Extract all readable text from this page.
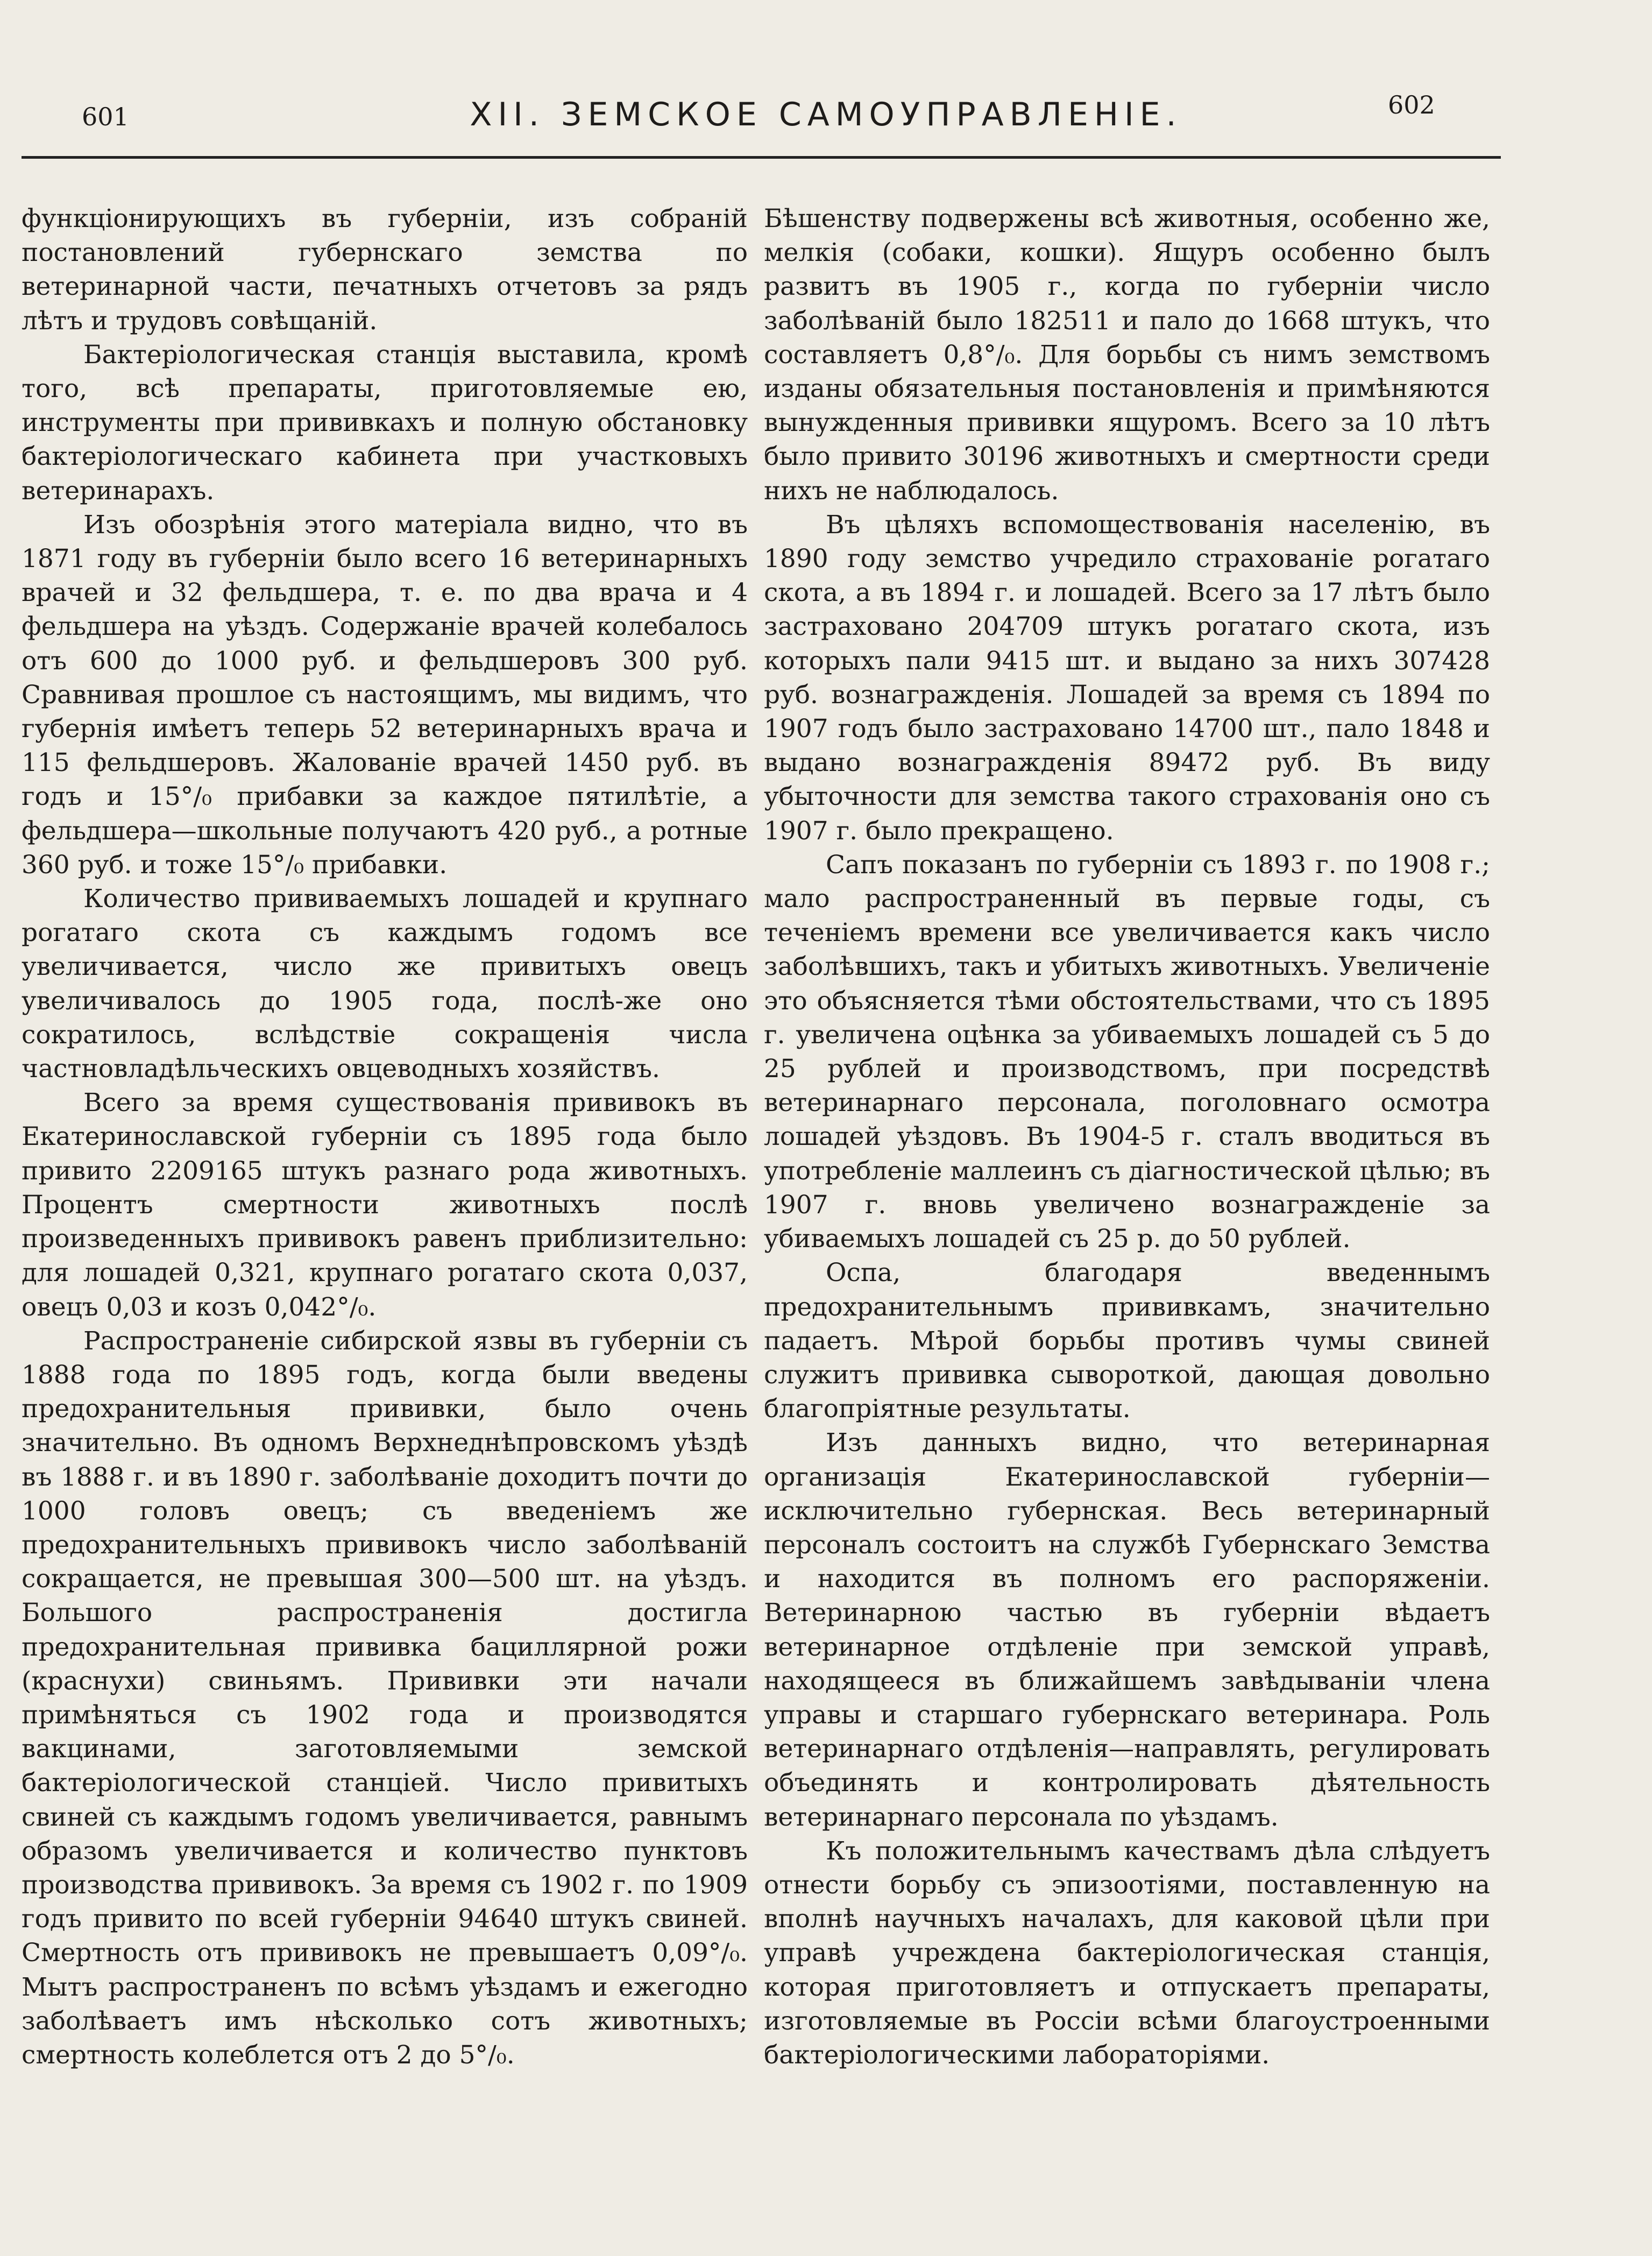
601	XII. ЗЕМСКОЕ САМОУПРАВЛЕНІЕ.	602

функціонирующихъ въ губерніи, изъ собраній постановлений губернскаго земства по ветеринарной части, печатныхъ отчетовъ за рядъ лѣтъ и трудовъ совѣщаній.

Бактеріологическая станція выставила, кромѣ того, всѣ препараты, приготовляемые ею, инструменты при прививкахъ и полную обстановку бактеріологическаго кабинета при участковыхъ ветеринарахъ.

Изъ обозрѣнія этого матеріала видно, что въ 1871 году въ губерніи было всего 16 ветеринарныхъ врачей и 32 фельдшера, т. е. по два врача и 4 фельдшера на уѣздъ. Содержаніе врачей колебалось отъ 600 до 1000 руб. и фельдшеровъ 300 руб. Сравнивая прошлое съ настоящимъ, мы видимъ, что губернія имѣетъ теперь 52 ветеринарныхъ врача и 115 фельдшеровъ. Жалованіе врачей 1450 руб. въ годъ и 15°/₀ прибавки за каждое пятилѣтіе, а фельдшера—школьные получаютъ 420 руб., а ротные 360 руб. и тоже 15°/₀ прибавки.

Количество прививаемыхъ лошадей и крупнаго рогатаго скота съ каждымъ годомъ все увеличивается, число же привитыхъ овецъ увеличивалось до 1905 года, послѣ-же оно сократилось, вслѣдствіе сокращенія числа частновладѣльческихъ овцеводныхъ хозяйствъ.

Всего за время существованія прививокъ въ Екатеринославской губерніи съ 1895 года было привито 2209165 штукъ разнаго рода животныхъ. Процентъ смертности животныхъ послѣ произведенныхъ прививокъ равенъ приблизительно: для лошадей 0,321, крупнаго рогатаго скота 0,037, овецъ 0,03 и козъ 0,042°/₀.

Распространеніе сибирской язвы въ губерніи съ 1888 года по 1895 годъ, когда были введены предохранительныя прививки, было очень значительно. Въ одномъ Верхнеднѣпровскомъ уѣздѣ въ 1888 г. и въ 1890 г. заболѣваніе доходитъ почти до 1000 головъ овецъ; съ введеніемъ же предохранительныхъ прививокъ число заболѣваній сокращается, не превышая 300—500 шт. на уѣздъ. Большого распространенія достигла предохранительная прививка бациллярной рожи (краснухи) свиньямъ. Прививки эти начали примѣняться съ 1902 года и производятся вакцинами, заготовляемыми земской бактеріологической станціей. Число привитыхъ свиней съ каждымъ годомъ увеличивается, равнымъ образомъ увеличивается и количество пунктовъ производства прививокъ. За время съ 1902 г. по 1909 годъ привито по всей губерніи 94640 штукъ свиней. Смертность отъ прививокъ не превышаетъ 0,09°/₀. Мытъ распространенъ по всѣмъ уѣздамъ и ежегодно заболѣваетъ имъ нѣсколько сотъ животныхъ; смертность колеблется отъ 2 до 5°/₀.

Бѣшенству подвержены всѣ животныя, особенно же, мелкія (собаки, кошки). Ящуръ особенно былъ развитъ въ 1905 г., когда по губерніи число заболѣваній было 182511 и пало до 1668 штукъ, что составляетъ 0,8°/₀. Для борьбы съ нимъ земствомъ изданы обязательныя постановленія и примѣняются вынужденныя прививки ящуромъ. Всего за 10 лѣтъ было привито 30196 животныхъ и смертности среди нихъ не наблюдалось.

Въ цѣляхъ вспомоществованія населенію, въ 1890 году земство учредило страхованіе рогатаго скота, а въ 1894 г. и лошадей. Всего за 17 лѣтъ было застраховано 204709 штукъ рогатаго скота, изъ которыхъ пали 9415 шт. и выдано за нихъ 307428 руб. вознагражденія. Лошадей за время съ 1894 по 1907 годъ было застраховано 14700 шт., пало 1848 и выдано вознагражденія 89472 руб. Въ виду убыточности для земства такого страхованія оно съ 1907 г. было прекращено.

Сапъ показанъ по губерніи съ 1893 г. по 1908 г.; мало распространенный въ первые годы, съ теченіемъ времени все увеличивается какъ число заболѣвшихъ, такъ и убитыхъ животныхъ. Увеличеніе это объясняется тѣми обстоятельствами, что съ 1895 г. увеличена оцѣнка за убиваемыхъ лошадей съ 5 до 25 рублей и производствомъ, при посредствѣ ветеринарнаго персонала, поголовнаго осмотра лошадей уѣздовъ. Въ 1904-5 г. сталъ вводиться въ употребленіе маллеинъ съ діагностической цѣлью; въ 1907 г. вновь увеличено вознагражденіе за убиваемыхъ лошадей съ 25 р. до 50 рублей.

Оспа, благодаря введеннымъ предохранительнымъ прививкамъ, значительно падаетъ. Мѣрой борьбы противъ чумы свиней служитъ прививка сывороткой, дающая довольно благопріятные результаты.

Изъ данныхъ видно, что ветеринарная организація Екатеринославской губерніи—исключительно губернская. Весь ветеринарный персоналъ состоитъ на службѣ Губернскаго Земства и находится въ полномъ его распоряженіи. Ветеринарною частью въ губерніи вѣдаетъ ветеринарное отдѣленіе при земской управѣ, находящееся въ ближайшемъ завѣдываніи члена управы и старшаго губернскаго ветеринара. Роль ветеринарнаго отдѣленія—направлять, регулировать объединять и контролировать дѣятельность ветеринарнаго персонала по уѣздамъ.

Къ положительнымъ качествамъ дѣла слѣдуетъ отнести борьбу съ эпизоотіями, поставленную на вполнѣ научныхъ началахъ, для каковой цѣли при управѣ учреждена бактеріологическая станція, которая приготовляетъ и отпускаетъ препараты, изготовляемые въ Россіи всѣми благоустроенными бактеріологическими лабораторіями.
